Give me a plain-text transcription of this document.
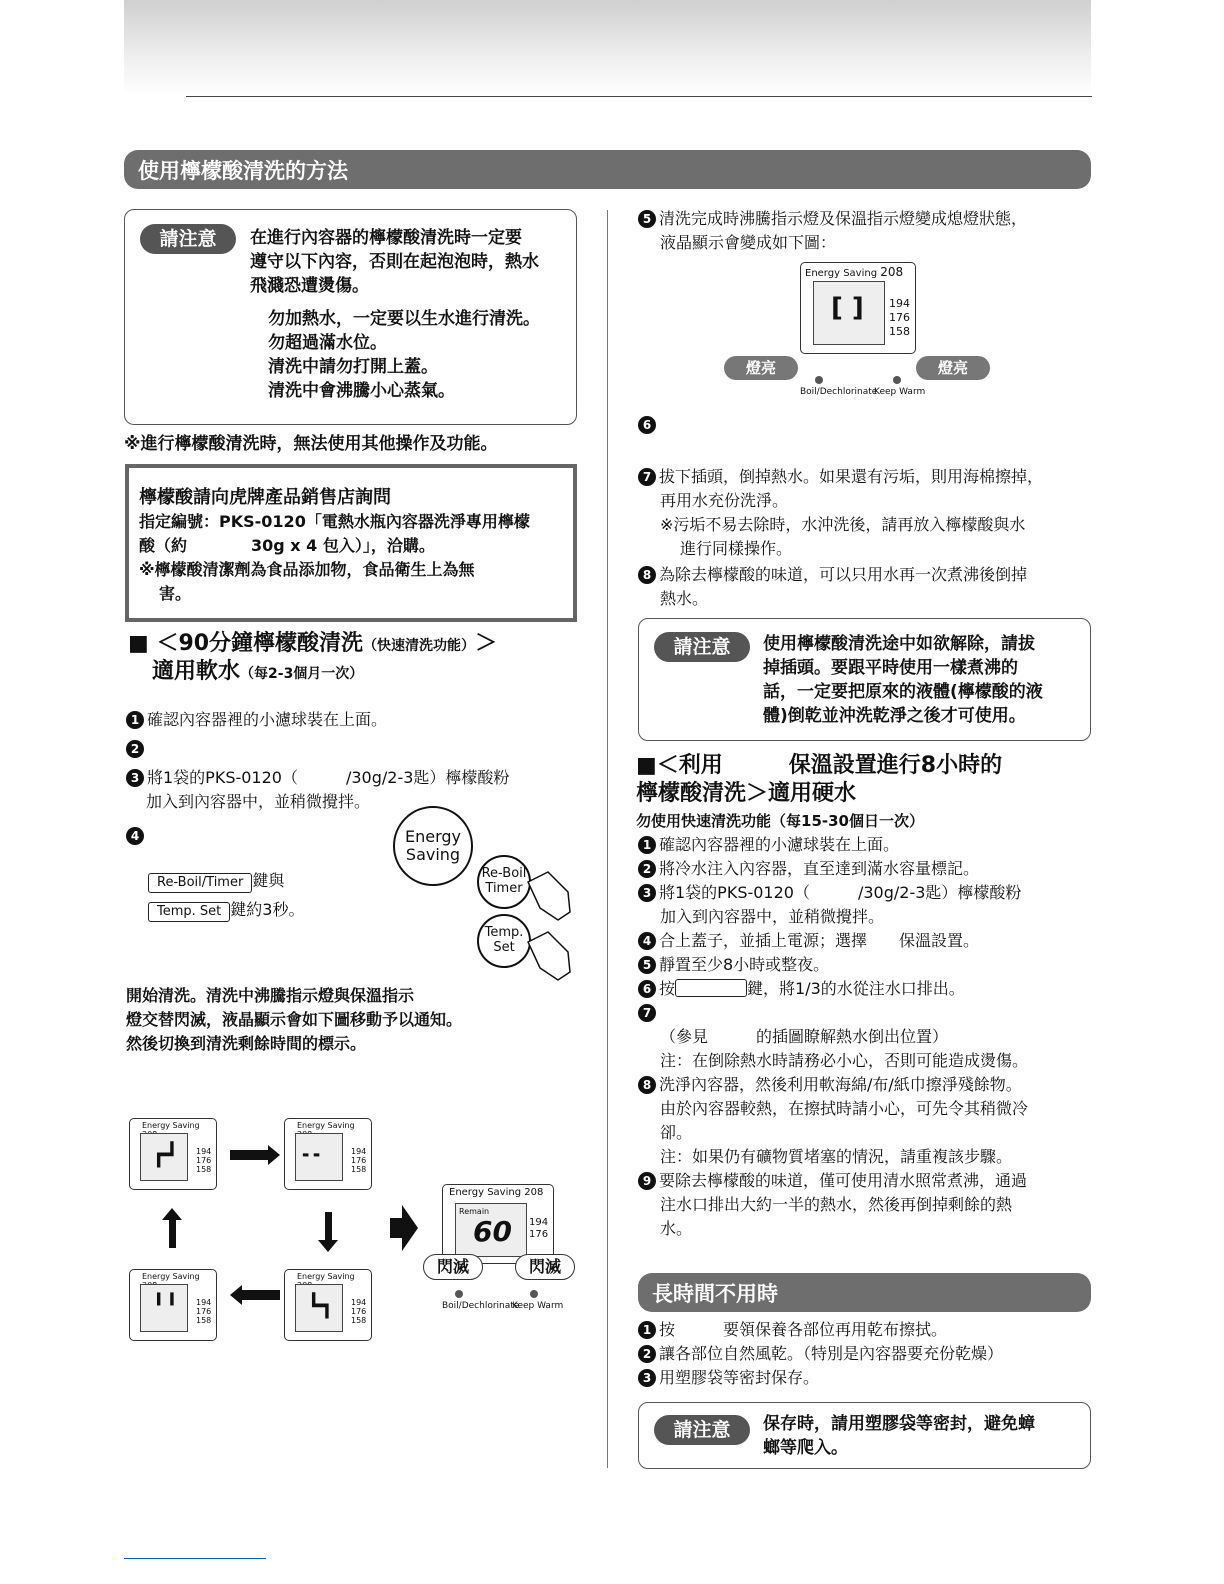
使用檸檬酸清洗的方法
請注意	在進行內容器的檸檬酸清洗時一定要
遵守以下內容，否則在起泡泡時，熱水
飛濺恐遭燙傷。
勿加熱水，一定要以生水進行清洗。
勿超過滿水位。
清洗中請勿打開上蓋。
清洗中會沸騰小心蒸氣。
※進行檸檬酸清洗時，無法使用其他操作及功能。
檸檬酸請向虎牌產品銷售店詢問
指定編號：PKS-0120「電熱水瓶內容器洗淨專用檸檬
酸（約　　　　30g x 4 包入）」，洽購。
※檸檬酸清潔劑為食品添加物，食品衛生上為無
害。
■ ＜90分鐘檸檬酸清洗（快速清洗功能）＞
適用軟水（每2-3個月一次）
1 確認內容器裡的小濾球裝在上面。
2
3 將1袋的PKS-0120（　　　/30g/2-3匙）檸檬酸粉
加入到內容器中，並稍微攪拌。
4
Re-Boil/Timer 鍵與
Temp. Set 鍵約3秒。
Energy
Saving
Re-Boil
Timer
Temp.
Set
開始清洗。清洗中沸騰指示燈與保溫指示
燈交替閃滅，液晶顯示會如下圖移動予以通知。
然後切換到清洗剩餘時間的標示。
Energy Saving
┏┛ 194
176
158
Energy Saving
╸╸	194
176
158
Energy Saving
╹╹ 194
176
158
Energy Saving
┗┓ 194
176
158
Energy Saving 208
Remain
60 194
176
閃滅	閃滅
Boil/Dechlorinate
Keep Warm
5 清洗完成時沸騰指示燈及保溫指示燈變成熄燈狀態，
液晶顯示會變成如下圖：
Energy Saving 208
[ ] 194
176
158
燈亮	燈亮
Boil/Dechlorinate
Keep Warm
6
7 拔下插頭，倒掉熱水。如果還有污垢，則用海棉擦掉，
再用水充份洗淨。
※污垢不易去除時，水沖洗後，請再放入檸檬酸與水
進行同樣操作。
8 為除去檸檬酸的味道，可以只用水再一次煮沸後倒掉
熱水。
請注意	使用檸檬酸清洗途中如欲解除，請拔
掉插頭。要跟平時使用一樣煮沸的
話，一定要把原來的液體(檸檬酸的液
體)倒乾並沖洗乾淨之後才可使用。
■＜利用　　　保溫設置進行8小時的
檸檬酸清洗＞適用硬水
勿使用快速清洗功能（每15-30個日一次）
1 確認內容器裡的小濾球裝在上面。
2 將冷水注入內容器，直至達到滿水容量標記。
3 將1袋的PKS-0120（　　　/30g/2-3匙）檸檬酸粉
加入到內容器中，並稍微攪拌。
4 合上蓋子，並插上電源；選擇　　保溫設置。
5 靜置至少8小時或整夜。
6 按	鍵，將1/3的水從注水口排出。
7
（參見　　　的插圖瞭解熱水倒出位置）
注：在倒除熱水時請務必小心，否則可能造成燙傷。
8 洗淨內容器，然後利用軟海綿/布/紙巾擦淨殘餘物。
由於內容器較熱，在擦拭時請小心，可先令其稍微冷
卻。
注：如果仍有礦物質堵塞的情況，請重複該步驟。
9 要除去檸檬酸的味道，僅可使用清水照常煮沸，通過
注水口排出大約一半的熱水，然後再倒掉剩餘的熱
水。
長時間不用時
1 按　　　要領保養各部位再用乾布擦拭。
2 讓各部位自然風乾。（特別是內容器要充份乾燥）
3 用塑膠袋等密封保存。
請注意	保存時，請用塑膠袋等密封，避免蟑
螂等爬入。
